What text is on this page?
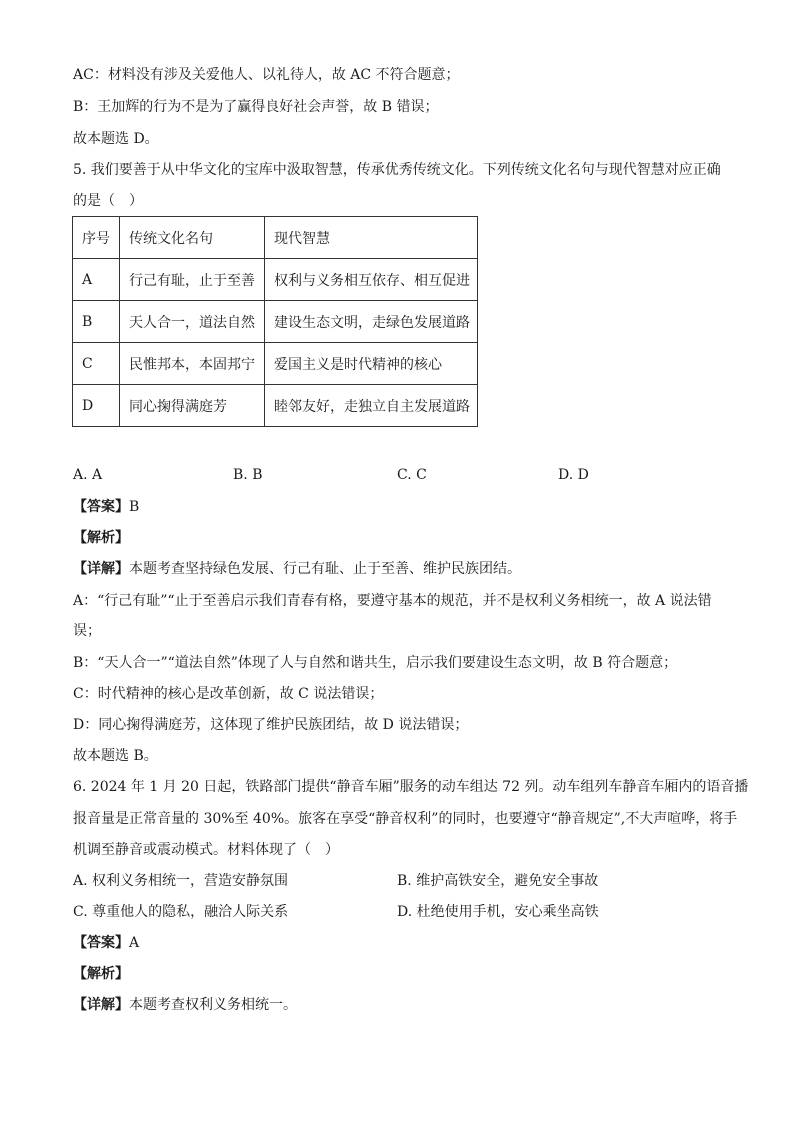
AC：材料没有涉及关爱他人、以礼待人，故 AC 不符合题意；
B：王加辉的行为不是为了赢得良好社会声誉，故 B 错误；
故本题选 D。
5. 我们要善于从中华文化的宝库中汲取智慧，传承优秀传统文化。下列传统文化名句与现代智慧对应正确
的是（　）
序号	传统文化名句	现代智慧
A	行己有耻，止于至善	权利与义务相互依存、相互促进
B	天人合一，道法自然	建设生态文明，走绿色发展道路
C	民惟邦本，本固邦宁	爱国主义是时代精神的核心
D	同心掬得满庭芳	睦邻友好，走独立自主发展道路
A. A	B. B	C. C	D. D
【答案】B
【解析】
【详解】本题考查坚持绿色发展、行己有耻、止于至善、维护民族团结。
A：“行己有耻”“止于至善启示我们青春有格，要遵守基本的规范，并不是权利义务相统一，故 A 说法错
误；
B：“天人合一”“道法自然”体现了人与自然和谐共生，启示我们要建设生态文明，故 B 符合题意；
C：时代精神的核心是改革创新，故 C 说法错误；
D：同心掬得满庭芳，这体现了维护民族团结，故 D 说法错误；
故本题选 B。
6. 2024 年 1 月 20 日起，铁路部门提供“静音车厢”服务的动车组达 72 列。动车组列车静音车厢内的语音播
报音量是正常音量的 30%至 40%。旅客在享受“静音权利”的同时，也要遵守“静音规定”,不大声喧哗，将手
机调至静音或震动模式。材料体现了（　）
A. 权利义务相统一，营造安静氛围	B. 维护高铁安全，避免安全事故
C. 尊重他人的隐私，融洽人际关系	D. 杜绝使用手机，安心乘坐高铁
【答案】A
【解析】
【详解】本题考查权利义务相统一。
